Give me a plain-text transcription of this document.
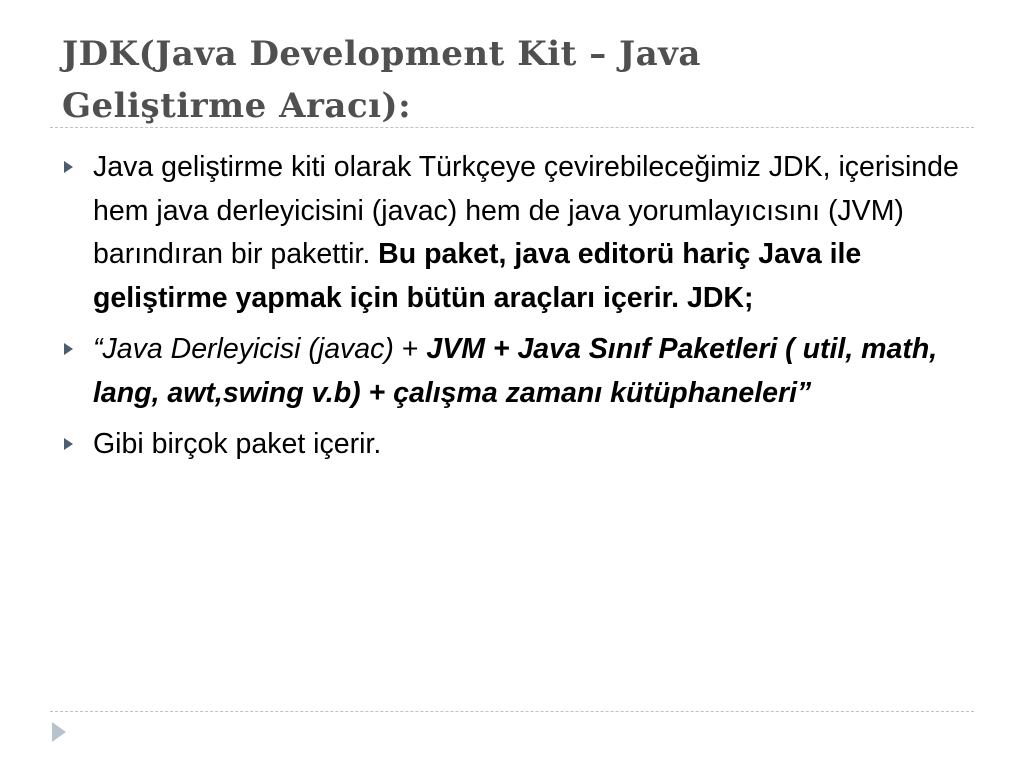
JDK(Java Development Kit – Java
Geliştirme Aracı):
Java geliştirme kiti olarak Türkçeye çevirebileceğimiz JDK, içerisinde hem java derleyicisini (javac) hem de java yorumlayıcısını (JVM) barındıran bir pakettir. Bu paket, java editorü hariç Java ile geliştirme yapmak için bütün araçları içerir. JDK;
“Java Derleyicisi (javac) + JVM + Java Sınıf Paketleri ( util, math, lang, awt,swing v.b) + çalışma zamanı kütüphaneleri”
Gibi birçok paket içerir.
